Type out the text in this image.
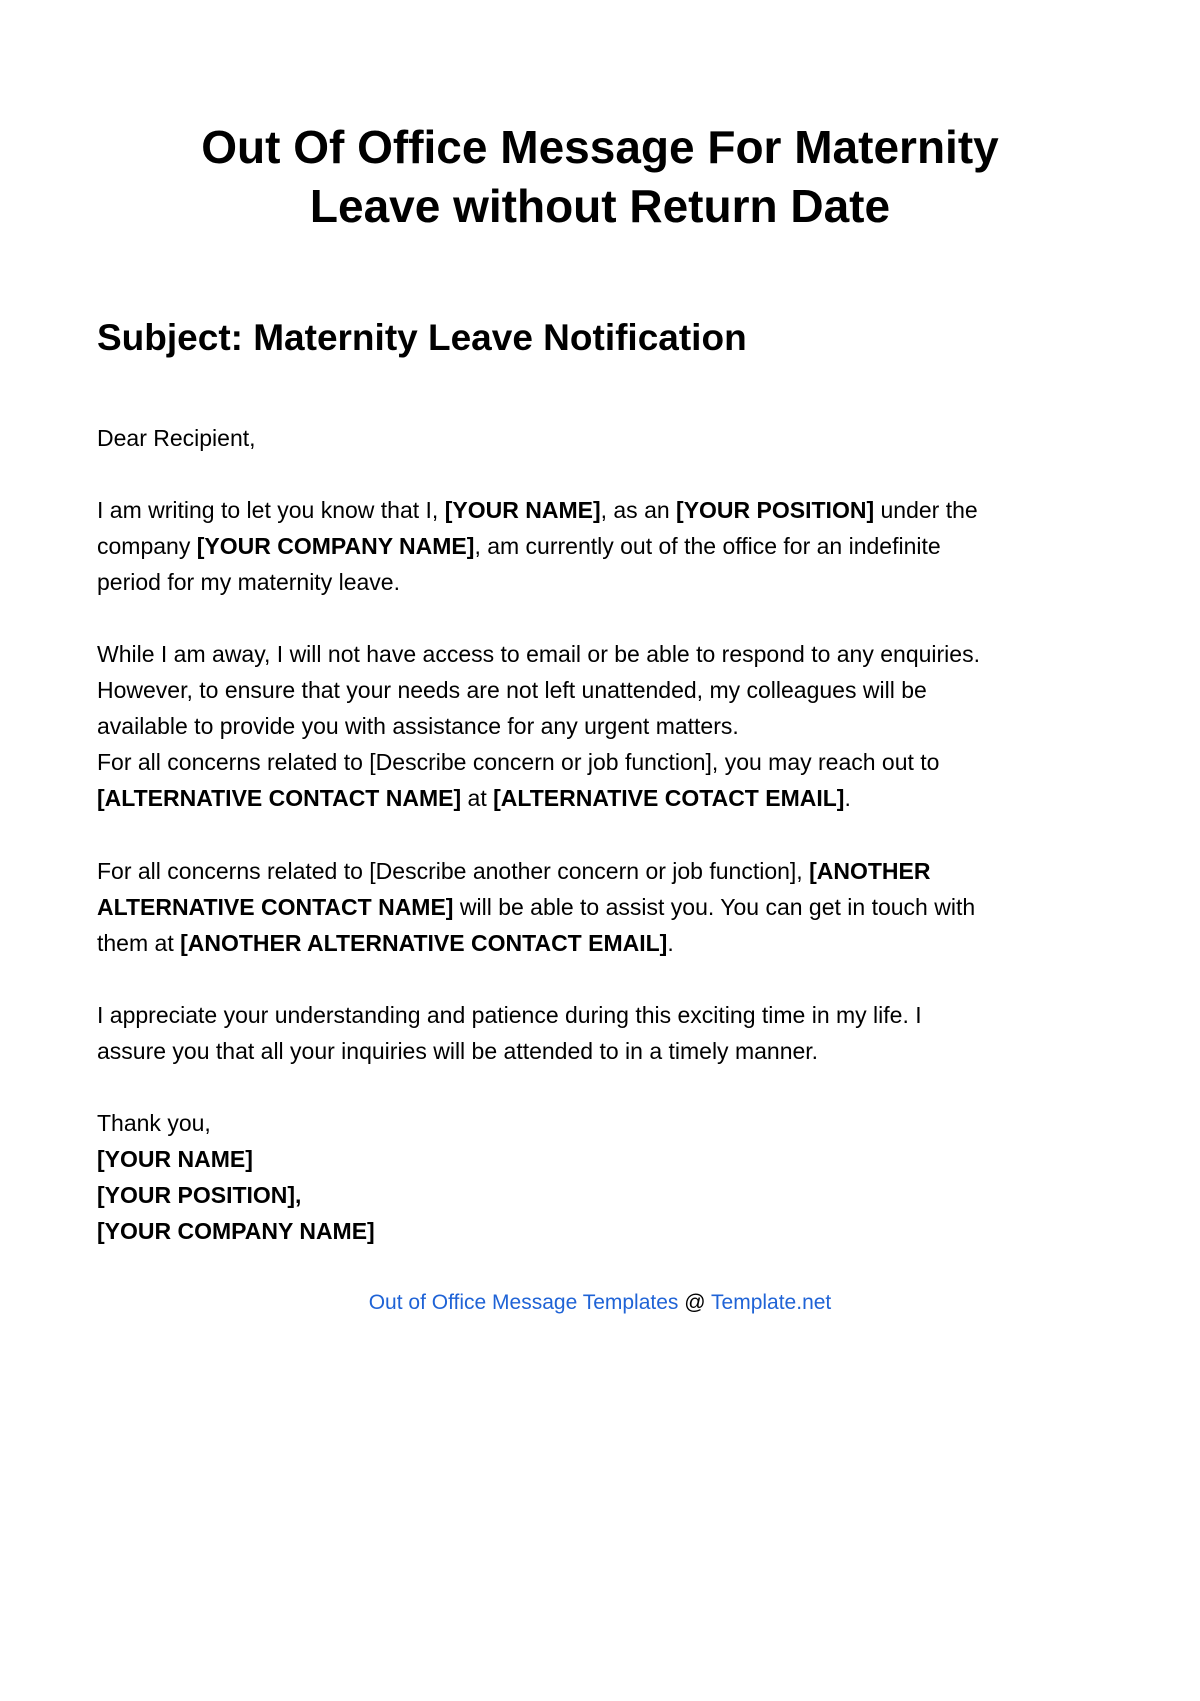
Out Of Office Message For Maternity
Leave without Return Date
Subject: Maternity Leave Notification

Dear Recipient,

I am writing to let you know that I, [YOUR NAME], as an [YOUR POSITION] under the
company [YOUR COMPANY NAME], am currently out of the office for an indefinite
period for my maternity leave.

While I am away, I will not have access to email or be able to respond to any enquiries.
However, to ensure that your needs are not left unattended, my colleagues will be
available to provide you with assistance for any urgent matters.
For all concerns related to [Describe concern or job function], you may reach out to
[ALTERNATIVE CONTACT NAME] at [ALTERNATIVE COTACT EMAIL].

For all concerns related to [Describe another concern or job function], [ANOTHER
ALTERNATIVE CONTACT NAME] will be able to assist you. You can get in touch with
them at [ANOTHER ALTERNATIVE CONTACT EMAIL].

I appreciate your understanding and patience during this exciting time in my life. I
assure you that all your inquiries will be attended to in a timely manner.

Thank you,
[YOUR NAME]
[YOUR POSITION],
[YOUR COMPANY NAME]

Out of Office Message Templates @ Template.net
